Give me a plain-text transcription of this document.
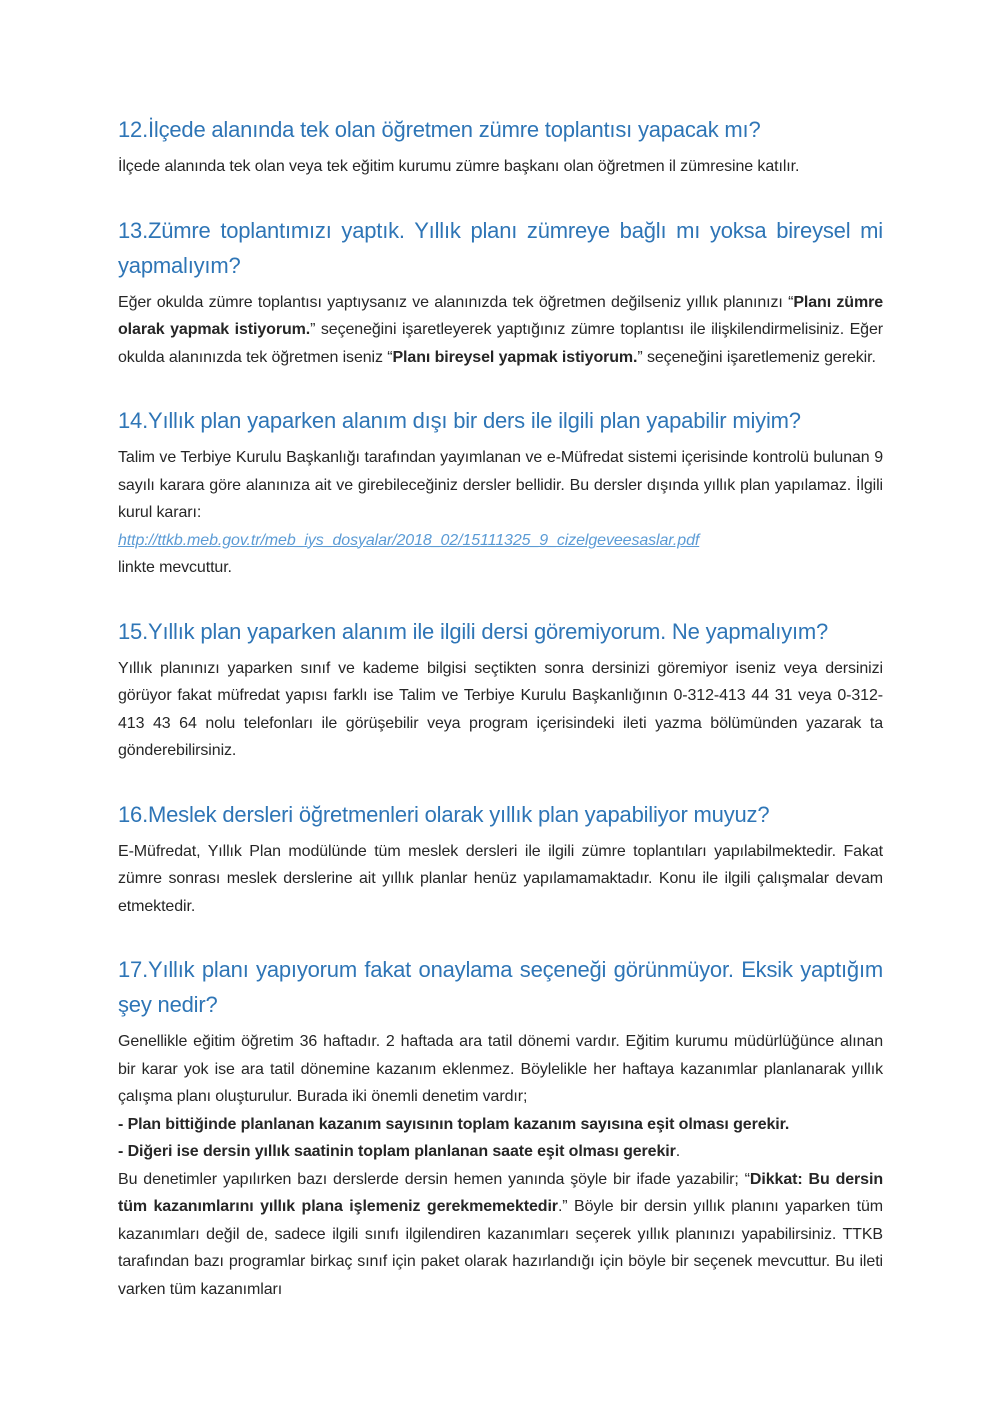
12.İlçede alanında tek olan öğretmen zümre toplantısı yapacak mı?

İlçede alanında tek olan veya tek eğitim kurumu zümre başkanı olan öğretmen il zümresine katılır.

13.Zümre toplantımızı yaptık. Yıllık planı zümreye bağlı mı yoksa bireysel mi yapmalıyım?

Eğer okulda zümre toplantısı yaptıysanız ve alanınızda tek öğretmen değilseniz yıllık planınızı “Planı zümre olarak yapmak istiyorum.” seçeneğini işaretleyerek yaptığınız zümre toplantısı ile ilişkilendirmelisiniz. Eğer okulda alanınızda tek öğretmen iseniz “Planı bireysel yapmak istiyorum.” seçeneğini işaretlemeniz gerekir.

14.Yıllık plan yaparken alanım dışı bir ders ile ilgili plan yapabilir miyim?

Talim ve Terbiye Kurulu Başkanlığı tarafından yayımlanan ve e-Müfredat sistemi içerisinde kontrolü bulunan 9 sayılı karara göre alanınıza ait ve girebileceğiniz dersler bellidir. Bu dersler dışında yıllık plan yapılamaz. İlgili kurul kararı:

http://ttkb.meb.gov.tr/meb_iys_dosyalar/2018_02/15111325_9_cizelgeveesaslar.pdf

linkte mevcuttur.

15.Yıllık plan yaparken alanım ile ilgili dersi göremiyorum. Ne yapmalıyım?

Yıllık planınızı yaparken sınıf ve kademe bilgisi seçtikten sonra dersinizi göremiyor iseniz veya dersinizi görüyor fakat müfredat yapısı farklı ise Talim ve Terbiye Kurulu Başkanlığının 0-312-413 44 31 veya 0-312-413 43 64 nolu telefonları ile görüşebilir veya program içerisindeki ileti yazma bölümünden yazarak ta gönderebilirsiniz.

16.Meslek dersleri öğretmenleri olarak yıllık plan yapabiliyor muyuz?

E-Müfredat, Yıllık Plan modülünde tüm meslek dersleri ile ilgili zümre toplantıları yapılabilmektedir. Fakat zümre sonrası meslek derslerine ait yıllık planlar henüz yapılamamaktadır. Konu ile ilgili çalışmalar devam etmektedir.

17.Yıllık planı yapıyorum fakat onaylama seçeneği görünmüyor. Eksik yaptığım şey nedir?

Genellikle eğitim öğretim 36 haftadır. 2 haftada ara tatil dönemi vardır. Eğitim kurumu müdürlüğünce alınan bir karar yok ise ara tatil dönemine kazanım eklenmez. Böylelikle her haftaya kazanımlar planlanarak yıllık çalışma planı oluşturulur. Burada iki önemli denetim vardır;

- Plan bittiğinde planlanan kazanım sayısının toplam kazanım sayısına eşit olması gerekir.

- Diğeri ise dersin yıllık saatinin toplam planlanan saate eşit olması gerekir.

Bu denetimler yapılırken bazı derslerde dersin hemen yanında şöyle bir ifade yazabilir; “Dikkat: Bu dersin tüm kazanımlarını yıllık plana işlemeniz gerekmemektedir.” Böyle bir dersin yıllık planını yaparken tüm kazanımları değil de, sadece ilgili sınıfı ilgilendiren kazanımları seçerek yıllık planınızı yapabilirsiniz. TTKB tarafından bazı programlar birkaç sınıf için paket olarak hazırlandığı için böyle bir seçenek mevcuttur. Bu ileti varken tüm kazanımları
